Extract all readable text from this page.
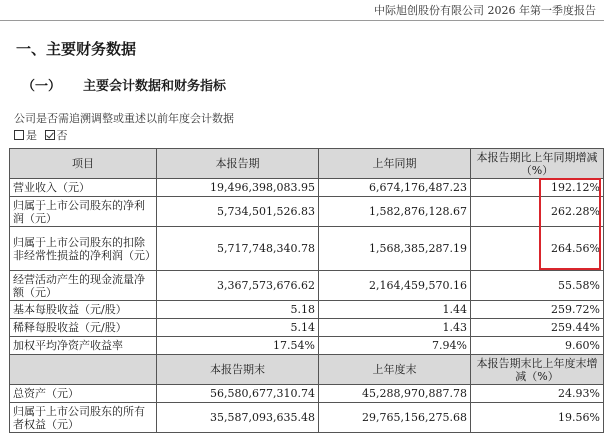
中际旭创股份有限公司 2026 年第一季度报告
一、主要财务数据
（一） 主要会计数据和财务指标
公司是否需追溯调整或重述以前年度会计数据
是 否
项目	本报告期	上年同期	本报告期比上年同期增减（%）
营业收入（元）	19,496,398,083.95	6,674,176,487.23	192.12%
归属于上市公司股东的净利润（元）	5,734,501,526.83	1,582,876,128.67	262.28%
归属于上市公司股东的扣除非经常性损益的净利润（元）	5,717,748,340.78	1,568,385,287.19	264.56%
经营活动产生的现金流量净额（元）	3,367,573,676.62	2,164,459,570.16	55.58%
基本每股收益（元/股）	5.18	1.44	259.72%
稀释每股收益（元/股）	5.14	1.43	259.44%
加权平均净资产收益率	17.54%	7.94%	9.60%
	本报告期末	上年度末	本报告期末比上年度末增减（%）
总资产（元）	56,580,677,310.74	45,288,970,887.78	24.93%
归属于上市公司股东的所有者权益（元）	35,587,093,635.48	29,765,156,275.68	19.56%
